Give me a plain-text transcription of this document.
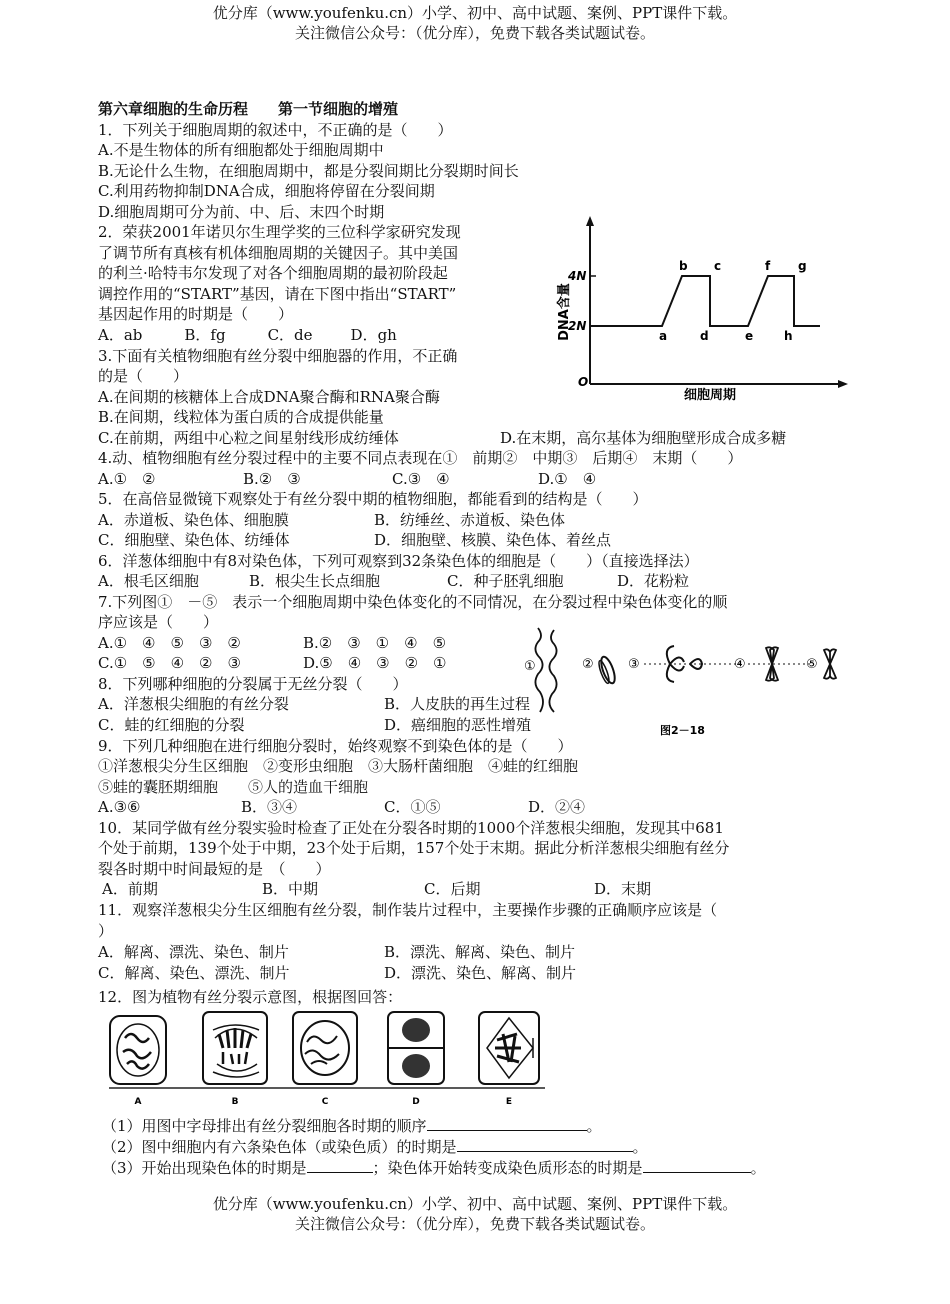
优分库（www.youfenku.cn）小学、初中、高中试题、案例、PPT课件下载。
关注微信公众号：（优分库），免费下载各类试题试卷。
第六章细胞的生命历程 第一节细胞的增殖
1．下列关于细胞周期的叙述中，不正确的是（　　）
A.不是生物体的所有细胞都处于细胞周期中
B.无论什么生物，在细胞周期中，都是分裂间期比分裂期时间长
C.利用药物抑制DNA合成，细胞将停留在分裂间期
D.细胞周期可分为前、中、后、末四个时期
2．荣获2001年诺贝尔生理学奖的三位科学家研究发现
了调节所有真核有机体细胞周期的关键因子。其中美国
的利兰·哈特韦尔发现了对各个细胞周期的最初阶段起
调控作用的“START”基因，请在下图中指出“START”
基因起作用的时期是（　　）
A．ab	B．fg	C．de	D．gh
3.下面有关植物细胞有丝分裂中细胞器的作用，不正确
的是（　　）
A.在间期的核糖体上合成DNA聚合酶和RNA聚合酶
B.在间期，线粒体为蛋白质的合成提供能量
C.在前期，两组中心粒之间星射线形成纺缍体	D.在末期，高尔基体为细胞壁形成合成多糖
4.动、植物细胞有丝分裂过程中的主要不同点表现在①　前期②　中期③　后期④　末期（　　）
A.①　②	B.②　③	C.③　④	D.①　④
5．在高倍显微镜下观察处于有丝分裂中期的植物细胞，都能看到的结构是（　　）
A．赤道板、染色体、细胞膜	B．纺缍丝、赤道板、染色体
C．细胞壁、染色体、纺缍体	D．细胞壁、核膜、染色体、着丝点
6．洋葱体细胞中有8对染色体，下列可观察到32条染色体的细胞是（　　）（直接选择法）
A．根毛区细胞	B．根尖生长点细胞	C．种子胚乳细胞	D．花粉粒
7.下列图①　－⑤　表示一个细胞周期中染色体变化的不同情况，在分裂过程中染色体变化的顺
序应该是（　　）
A.①　④　⑤　③　②	B.②　③　①　④　⑤
C.①　⑤　④　②　③	D.⑤　④　③　②　①
8．下列哪种细胞的分裂属于无丝分裂（　　）
A．洋葱根尖细胞的有丝分裂	B．人皮肤的再生过程
C．蛙的红细胞的分裂	D．癌细胞的恶性增殖
9．下列几种细胞在进行细胞分裂时，始终观察不到染色体的是（　　）
①洋葱根尖分生区细胞　②变形虫细胞　③大肠杆菌细胞　④蛙的红细胞
⑤蛙的囊胚期细胞　　⑤人的造血干细胞
A.③⑥	B．③④	C．①⑤	D．②④
10．某同学做有丝分裂实验时检查了正处在分裂各时期的1000个洋葱根尖细胞，发现其中681
个处于前期，139个处于中期，23个处于后期，157个处于末期。据此分析洋葱根尖细胞有丝分
裂各时期中时间最短的是　（　　）
A．前期	B．中期	C．后期	D．末期
11．观察洋葱根尖分生区细胞有丝分裂，制作装片过程中，主要操作步骤的正确顺序应该是（
）
A．解离、漂洗、染色、制片	B．漂洗、解离、染色、制片
C．解离、染色、漂洗、制片	D．漂洗、染色、解离、制片
12．图为植物有丝分裂示意图，根据图回答：
A	B	C	D	E
（1）用图中字母排出有丝分裂细胞各时期的顺序	。
（2）图中细胞内有六条染色体（或染色质）的时期是	。
（3）开始出现染色体的时期是	；染色体开始转变成染色质形态的时期是	。
①	②	③	④	⑤
图2－18
O
DNA含量
细胞周期
4N
2N
a
b c
d	e
f g
h
优分库（www.youfenku.cn）小学、初中、高中试题、案例、PPT课件下载。
关注微信公众号：（优分库），免费下载各类试题试卷。
